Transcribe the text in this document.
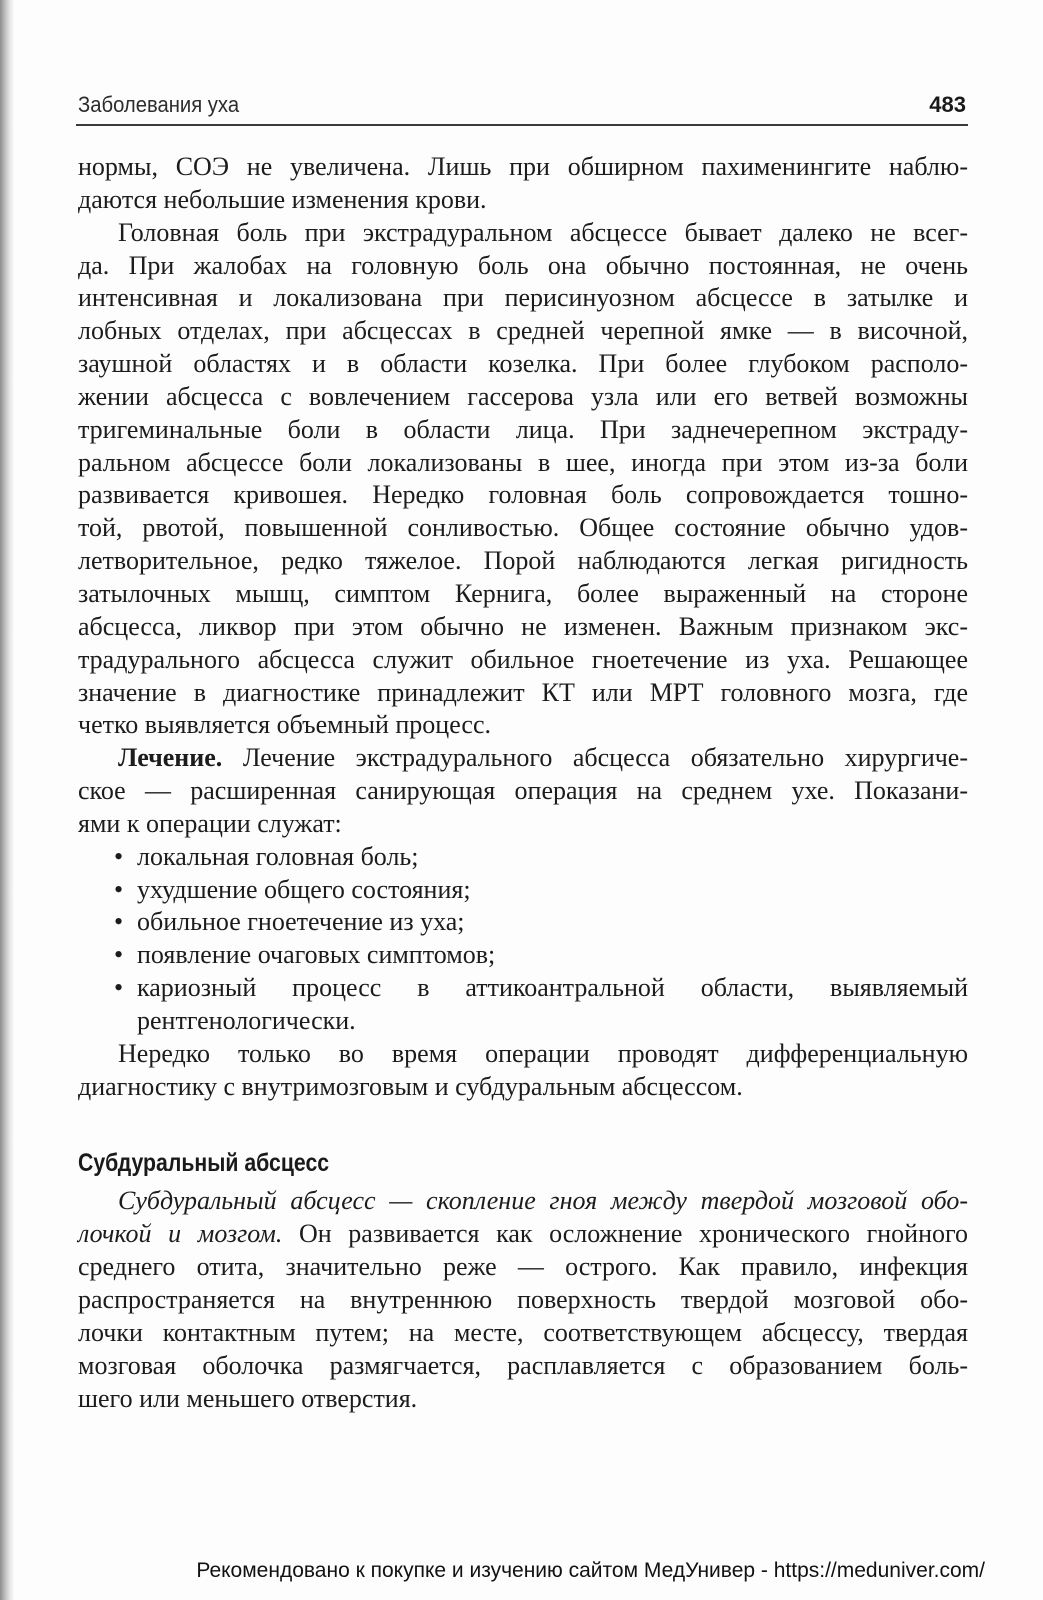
Заболевания уха	483
нормы, СОЭ не увеличена. Лишь при обширном пахименингите наблю-
даются небольшие изменения крови.
Головная боль при экстрадуральном абсцессе бывает далеко не всег-
да. При жалобах на головную боль она обычно постоянная, не очень
интенсивная и локализована при перисинуозном абсцессе в затылке и
лобных отделах, при абсцессах в средней черепной ямке — в височной,
заушной областях и в области козелка. При более глубоком располо-
жении абсцесса с вовлечением гассерова узла или его ветвей возможны
тригеминальные боли в области лица. При заднечерепном экстраду-
ральном абсцессе боли локализованы в шее, иногда при этом из-за боли
развивается кривошея. Нередко головная боль сопровождается тошно-
той, рвотой, повышенной сонливостью. Общее состояние обычно удов-
летворительное, редко тяжелое. Порой наблюдаются легкая ригидность
затылочных мышц, симптом Кернига, более выраженный на стороне
абсцесса, ликвор при этом обычно не изменен. Важным признаком экс-
традурального абсцесса служит обильное гноетечение из уха. Решающее
значение в диагностике принадлежит КТ или МРТ головного мозга, где
четко выявляется объемный процесс.
Лечение. Лечение экстрадурального абсцесса обязательно хирургиче-
ское — расширенная санирующая операция на среднем ухе. Показани-
ями к операции служат:
• локальная головная боль;
• ухудшение общего состояния;
• обильное гноетечение из уха;
• появление очаговых симптомов;
• кариозный процесс в аттикоантральной области, выявляемый
рентгенологически.
Нередко только во время операции проводят дифференциальную
диагностику с внутримозговым и субдуральным абсцессом.
Субдуральный абсцесс
Субдуральный абсцесс — скопление гноя между твердой мозговой обо-
лочкой и мозгом. Он развивается как осложнение хронического гнойного
среднего отита, значительно реже — острого. Как правило, инфекция
распространяется на внутреннюю поверхность твердой мозговой обо-
лочки контактным путем; на месте, соответствующем абсцессу, твердая
мозговая оболочка размягчается, расплавляется с образованием боль-
шего или меньшего отверстия.
Рекомендовано к покупке и изучению сайтом МедУнивер - https://meduniver.com/
